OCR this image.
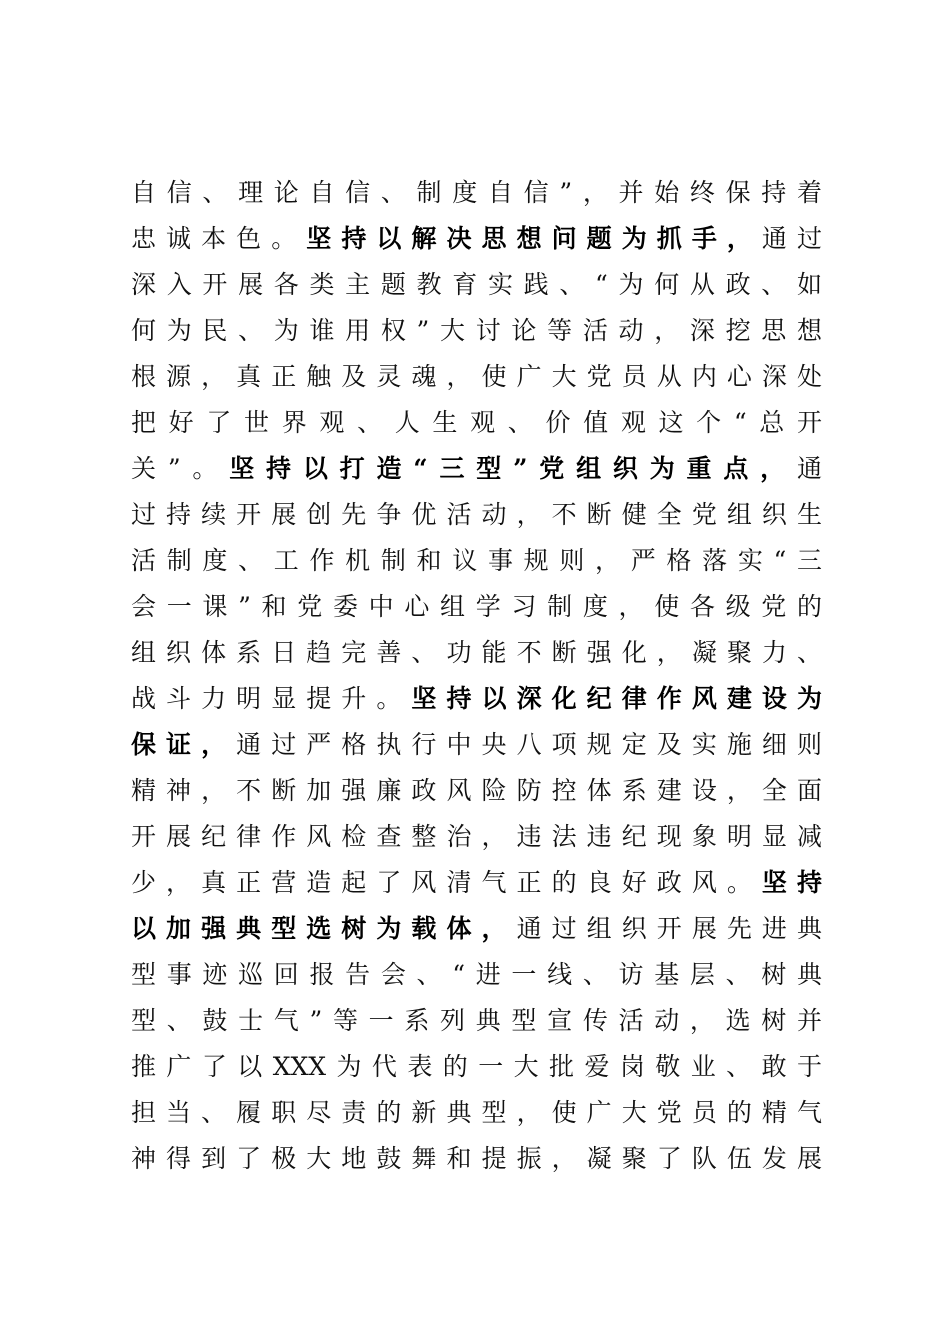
自信、理论自信、制度自信”，并始终保持着
忠诚本色。坚持以解决思想问题为抓手，通过
深入开展各类主题教育实践、“为何从政、如
何为民、为谁用权”大讨论等活动，深挖思想
根源，真正触及灵魂，使广大党员从内心深处
把好了世界观、人生观、价值观这个“总开
关”。坚持以打造“三型”党组织为重点，通
过持续开展创先争优活动，不断健全党组织生
活制度、工作机制和议事规则，严格落实“三
会一课”和党委中心组学习制度，使各级党的
组织体系日趋完善、功能不断强化，凝聚力、
战斗力明显提升。坚持以深化纪律作风建设为
保证，通过严格执行中央八项规定及实施细则
精神，不断加强廉政风险防控体系建设，全面
开展纪律作风检查整治，违法违纪现象明显减
少，真正营造起了风清气正的良好政风。坚持
以加强典型选树为载体，通过组织开展先进典
型事迹巡回报告会、“进一线、访基层、树典
型、鼓士气”等一系列典型宣传活动，选树并
推广了以XXX为代表的一大批爱岗敬业、敢于
担当、履职尽责的新典型，使广大党员的精气
神得到了极大地鼓舞和提振，凝聚了队伍发展
